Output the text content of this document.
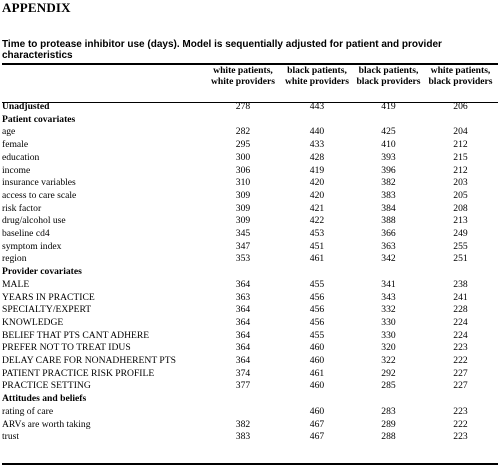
APPENDIX
Time to protease inhibitor use (days). Model is sequentially adjusted for patient and provider characteristics
	white patients, white providers	black patients, white providers	black patients, black providers	white patients, black providers
Unadjusted	278	443	419	206
Patient covariates				
age	282	440	425	204
female	295	433	410	212
education	300	428	393	215
income	306	419	396	212
insurance variables	310	420	382	203
access to care scale	309	420	383	205
risk factor	309	421	384	208
drug/alcohol use	309	422	388	213
baseline cd4	345	453	366	249
symptom index	347	451	363	255
region	353	461	342	251
Provider covariates				
MALE	364	455	341	238
YEARS IN PRACTICE	363	456	343	241
SPECIALTY/EXPERT	364	456	332	228
KNOWLEDGE	364	456	330	224
BELIEF THAT PTS CANT ADHERE	364	455	330	224
PREFER NOT TO TREAT IDUS	364	460	320	223
DELAY CARE FOR NONADHERENT PTS	364	460	322	222
PATIENT PRACTICE RISK PROFILE	374	461	292	227
PRACTICE SETTING	377	460	285	227
Attitudes and beliefs				
rating of care		460	283	223
ARVs are worth taking	382	467	289	222
trust	383	467	288	223
